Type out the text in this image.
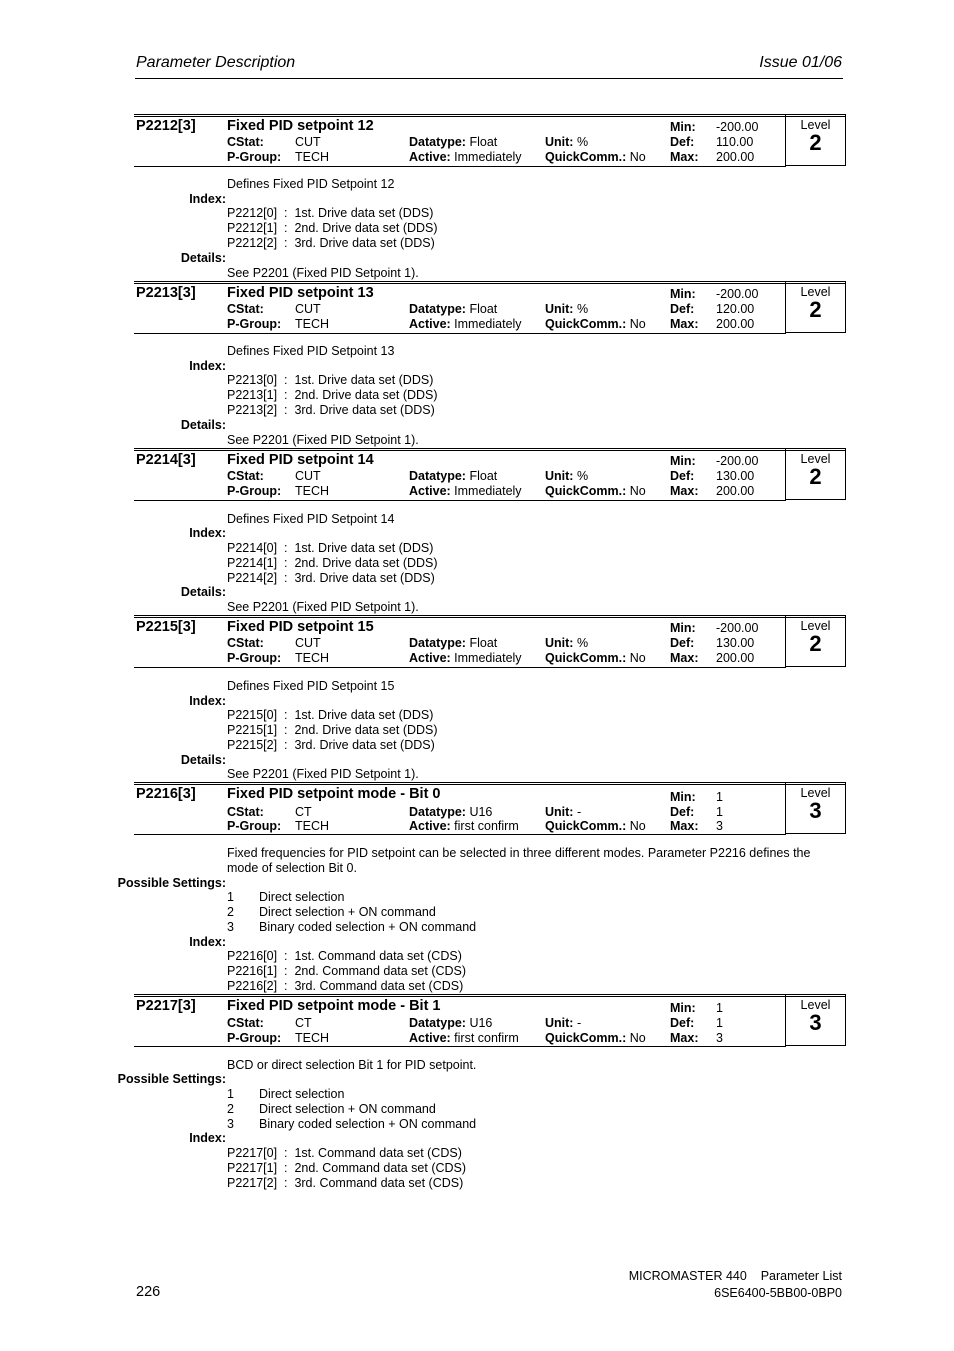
Parameter Description	Issue 01/06
Level
2
P2212[3] Fixed PID setpoint 12
CStat: CUT
P-Group: TECH
Datatype: Float
Active: Immediately
Unit: %
QuickComm.: No
Min: -200.00
Def: 110.00
Max: 200.00
Defines Fixed PID Setpoint 12
Index:
P2212[0] : 1st. Drive data set (DDS)
P2212[1] : 2nd. Drive data set (DDS)
P2212[2] : 3rd. Drive data set (DDS)
Details:
See P2201 (Fixed PID Setpoint 1).
Level
2
P2213[3] Fixed PID setpoint 13
CStat: CUT
P-Group: TECH
Datatype: Float
Active: Immediately
Unit: %
QuickComm.: No
Min: -200.00
Def: 120.00
Max: 200.00
Defines Fixed PID Setpoint 13
Index:
P2213[0] : 1st. Drive data set (DDS)
P2213[1] : 2nd. Drive data set (DDS)
P2213[2] : 3rd. Drive data set (DDS)
Details:
See P2201 (Fixed PID Setpoint 1).
Level
2
P2214[3] Fixed PID setpoint 14
CStat: CUT
P-Group: TECH
Datatype: Float
Active: Immediately
Unit: %
QuickComm.: No
Min: -200.00
Def: 130.00
Max: 200.00
Defines Fixed PID Setpoint 14
Index:
P2214[0] : 1st. Drive data set (DDS)
P2214[1] : 2nd. Drive data set (DDS)
P2214[2] : 3rd. Drive data set (DDS)
Details:
See P2201 (Fixed PID Setpoint 1).
Level
2
P2215[3] Fixed PID setpoint 15
CStat: CUT
P-Group: TECH
Datatype: Float
Active: Immediately
Unit: %
QuickComm.: No
Min: -200.00
Def: 130.00
Max: 200.00
Defines Fixed PID Setpoint 15
Index:
P2215[0] : 1st. Drive data set (DDS)
P2215[1] : 2nd. Drive data set (DDS)
P2215[2] : 3rd. Drive data set (DDS)
Details:
See P2201 (Fixed PID Setpoint 1).
Level
3
P2216[3] Fixed PID setpoint mode - Bit 0
CStat: CT
P-Group: TECH
Datatype: U16
Active: first confirm
Unit: -
QuickComm.: No
Min: 1
Def: 1
Max: 3
Fixed frequencies for PID setpoint can be selected in three different modes. Parameter P2216 defines the
mode of selection Bit 0.
Possible Settings:
1 Direct selection
2 Direct selection + ON command
3 Binary coded selection + ON command
Index:
P2216[0] : 1st. Command data set (CDS)
P2216[1] : 2nd. Command data set (CDS)
P2216[2] : 3rd. Command data set (CDS)
Level
3
P2217[3] Fixed PID setpoint mode - Bit 1
CStat: CT
P-Group: TECH
Datatype: U16
Active: first confirm
Unit: -
QuickComm.: No
Min: 1
Def: 1
Max: 3
BCD or direct selection Bit 1 for PID setpoint.
Possible Settings:
1 Direct selection
2 Direct selection + ON command
3 Binary coded selection + ON command
Index:
P2217[0] : 1st. Command data set (CDS)
P2217[1] : 2nd. Command data set (CDS)
P2217[2] : 3rd. Command data set (CDS)
226
MICROMASTER 440    Parameter List
6SE6400-5BB00-0BP0
